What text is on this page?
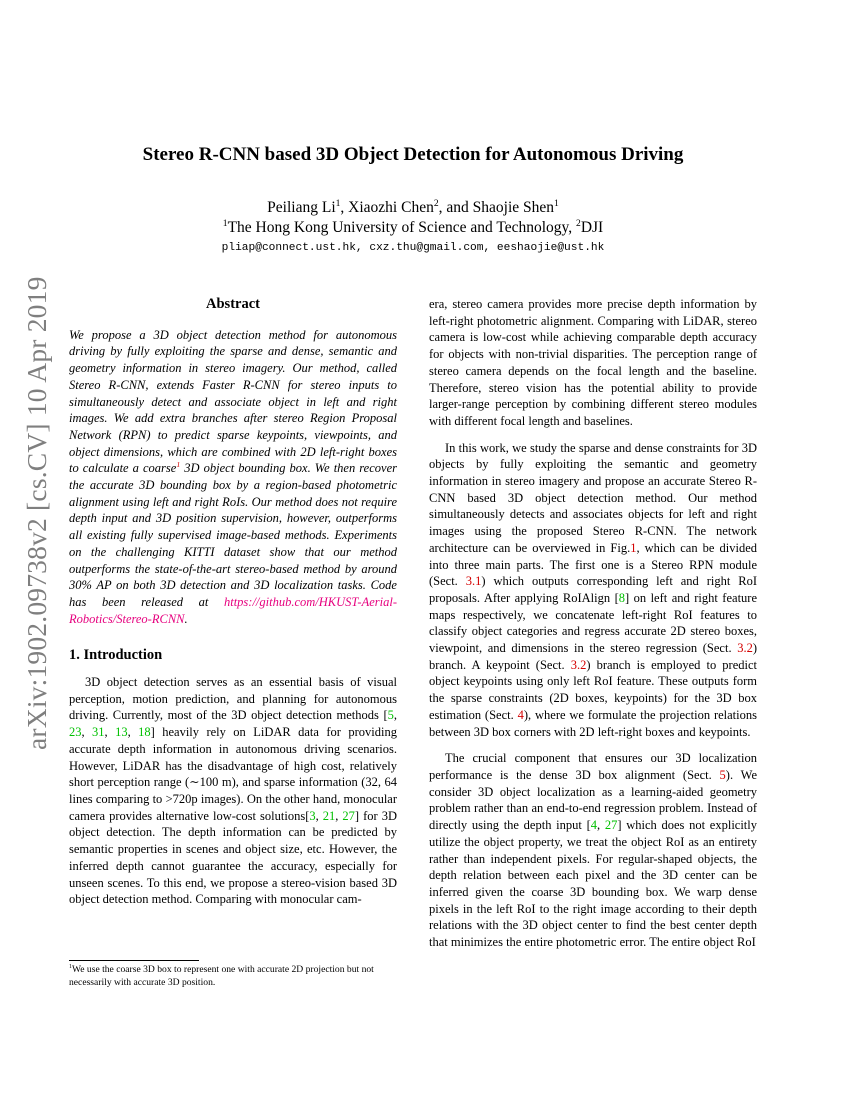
arXiv:1902.09738v2 [cs.CV] 10 Apr 2019
Stereo R-CNN based 3D Object Detection for Autonomous Driving
Peiliang Li$^1$, Xiaozhi Chen$^2$, and Shaojie Shen$^1$
$^1$The Hong Kong University of Science and Technology, $^2$DJI
pliap@connect.ust.hk, cxz.thu@gmail.com, eeshaojie@ust.hk
Abstract
We propose a 3D object detection method for autonomous driving by fully exploiting the sparse and dense, semantic and geometry information in stereo imagery. Our method, called Stereo R-CNN, extends Faster R-CNN for stereo inputs to simultaneously detect and associate object in left and right images. We add extra branches after stereo Region Proposal Network (RPN) to predict sparse keypoints, viewpoints, and object dimensions, which are combined with 2D left-right boxes to calculate a coarse$^1$ 3D object bounding box. We then recover the accurate 3D bounding box by a region-based photometric alignment using left and right RoIs. Our method does not require depth input and 3D position supervision, however, outperforms all existing fully supervised image-based methods. Experiments on the challenging KITTI dataset show that our method outperforms the state-of-the-art stereo-based method by around 30% AP on both 3D detection and 3D localization tasks. Code has been released at https://github.com/HKUST-Aerial-Robotics/Stereo-RCNN.
1. Introduction
3D object detection serves as an essential basis of visual perception, motion prediction, and planning for autonomous driving. Currently, most of the 3D object detection methods [5, 23, 31, 13, 18] heavily rely on LiDAR data for providing accurate depth information in autonomous driving scenarios. However, LiDAR has the disadvantage of high cost, relatively short perception range (∼100 m), and sparse information (32, 64 lines comparing to >720p images). On the other hand, monocular camera provides alternative low-cost solutions[3, 21, 27] for 3D object detection. The depth information can be predicted by semantic properties in scenes and object size, etc. However, the inferred depth cannot guarantee the accuracy, especially for unseen scenes. To this end, we propose a stereo-vision based 3D object detection method. Comparing with monocular cam-
$^1$We use the coarse 3D box to represent one with accurate 2D projection but not necessarily with accurate 3D position.
era, stereo camera provides more precise depth information by left-right photometric alignment. Comparing with LiDAR, stereo camera is low-cost while achieving comparable depth accuracy for objects with non-trivial disparities. The perception range of stereo camera depends on the focal length and the baseline. Therefore, stereo vision has the potential ability to provide larger-range perception by combining different stereo modules with different focal length and baselines.
In this work, we study the sparse and dense constraints for 3D objects by fully exploiting the semantic and geometry information in stereo imagery and propose an accurate Stereo R-CNN based 3D object detection method. Our method simultaneously detects and associates objects for left and right images using the proposed Stereo R-CNN. The network architecture can be overviewed in Fig.1, which can be divided into three main parts. The first one is a Stereo RPN module (Sect. 3.1) which outputs corresponding left and right RoI proposals. After applying RoIAlign [8] on left and right feature maps respectively, we concatenate left-right RoI features to classify object categories and regress accurate 2D stereo boxes, viewpoint, and dimensions in the stereo regression (Sect. 3.2) branch. A keypoint (Sect. 3.2) branch is employed to predict object keypoints using only left RoI feature. These outputs form the sparse constraints (2D boxes, keypoints) for the 3D box estimation (Sect. 4), where we formulate the projection relations between 3D box corners with 2D left-right boxes and keypoints.
The crucial component that ensures our 3D localization performance is the dense 3D box alignment (Sect. 5). We consider 3D object localization as a learning-aided geometry problem rather than an end-to-end regression problem. Instead of directly using the depth input [4, 27] which does not explicitly utilize the object property, we treat the object RoI as an entirety rather than independent pixels. For regular-shaped objects, the depth relation between each pixel and the 3D center can be inferred given the coarse 3D bounding box. We warp dense pixels in the left RoI to the right image according to their depth relations with the 3D object center to find the best center depth that minimizes the entire photometric error. The entire object RoI
